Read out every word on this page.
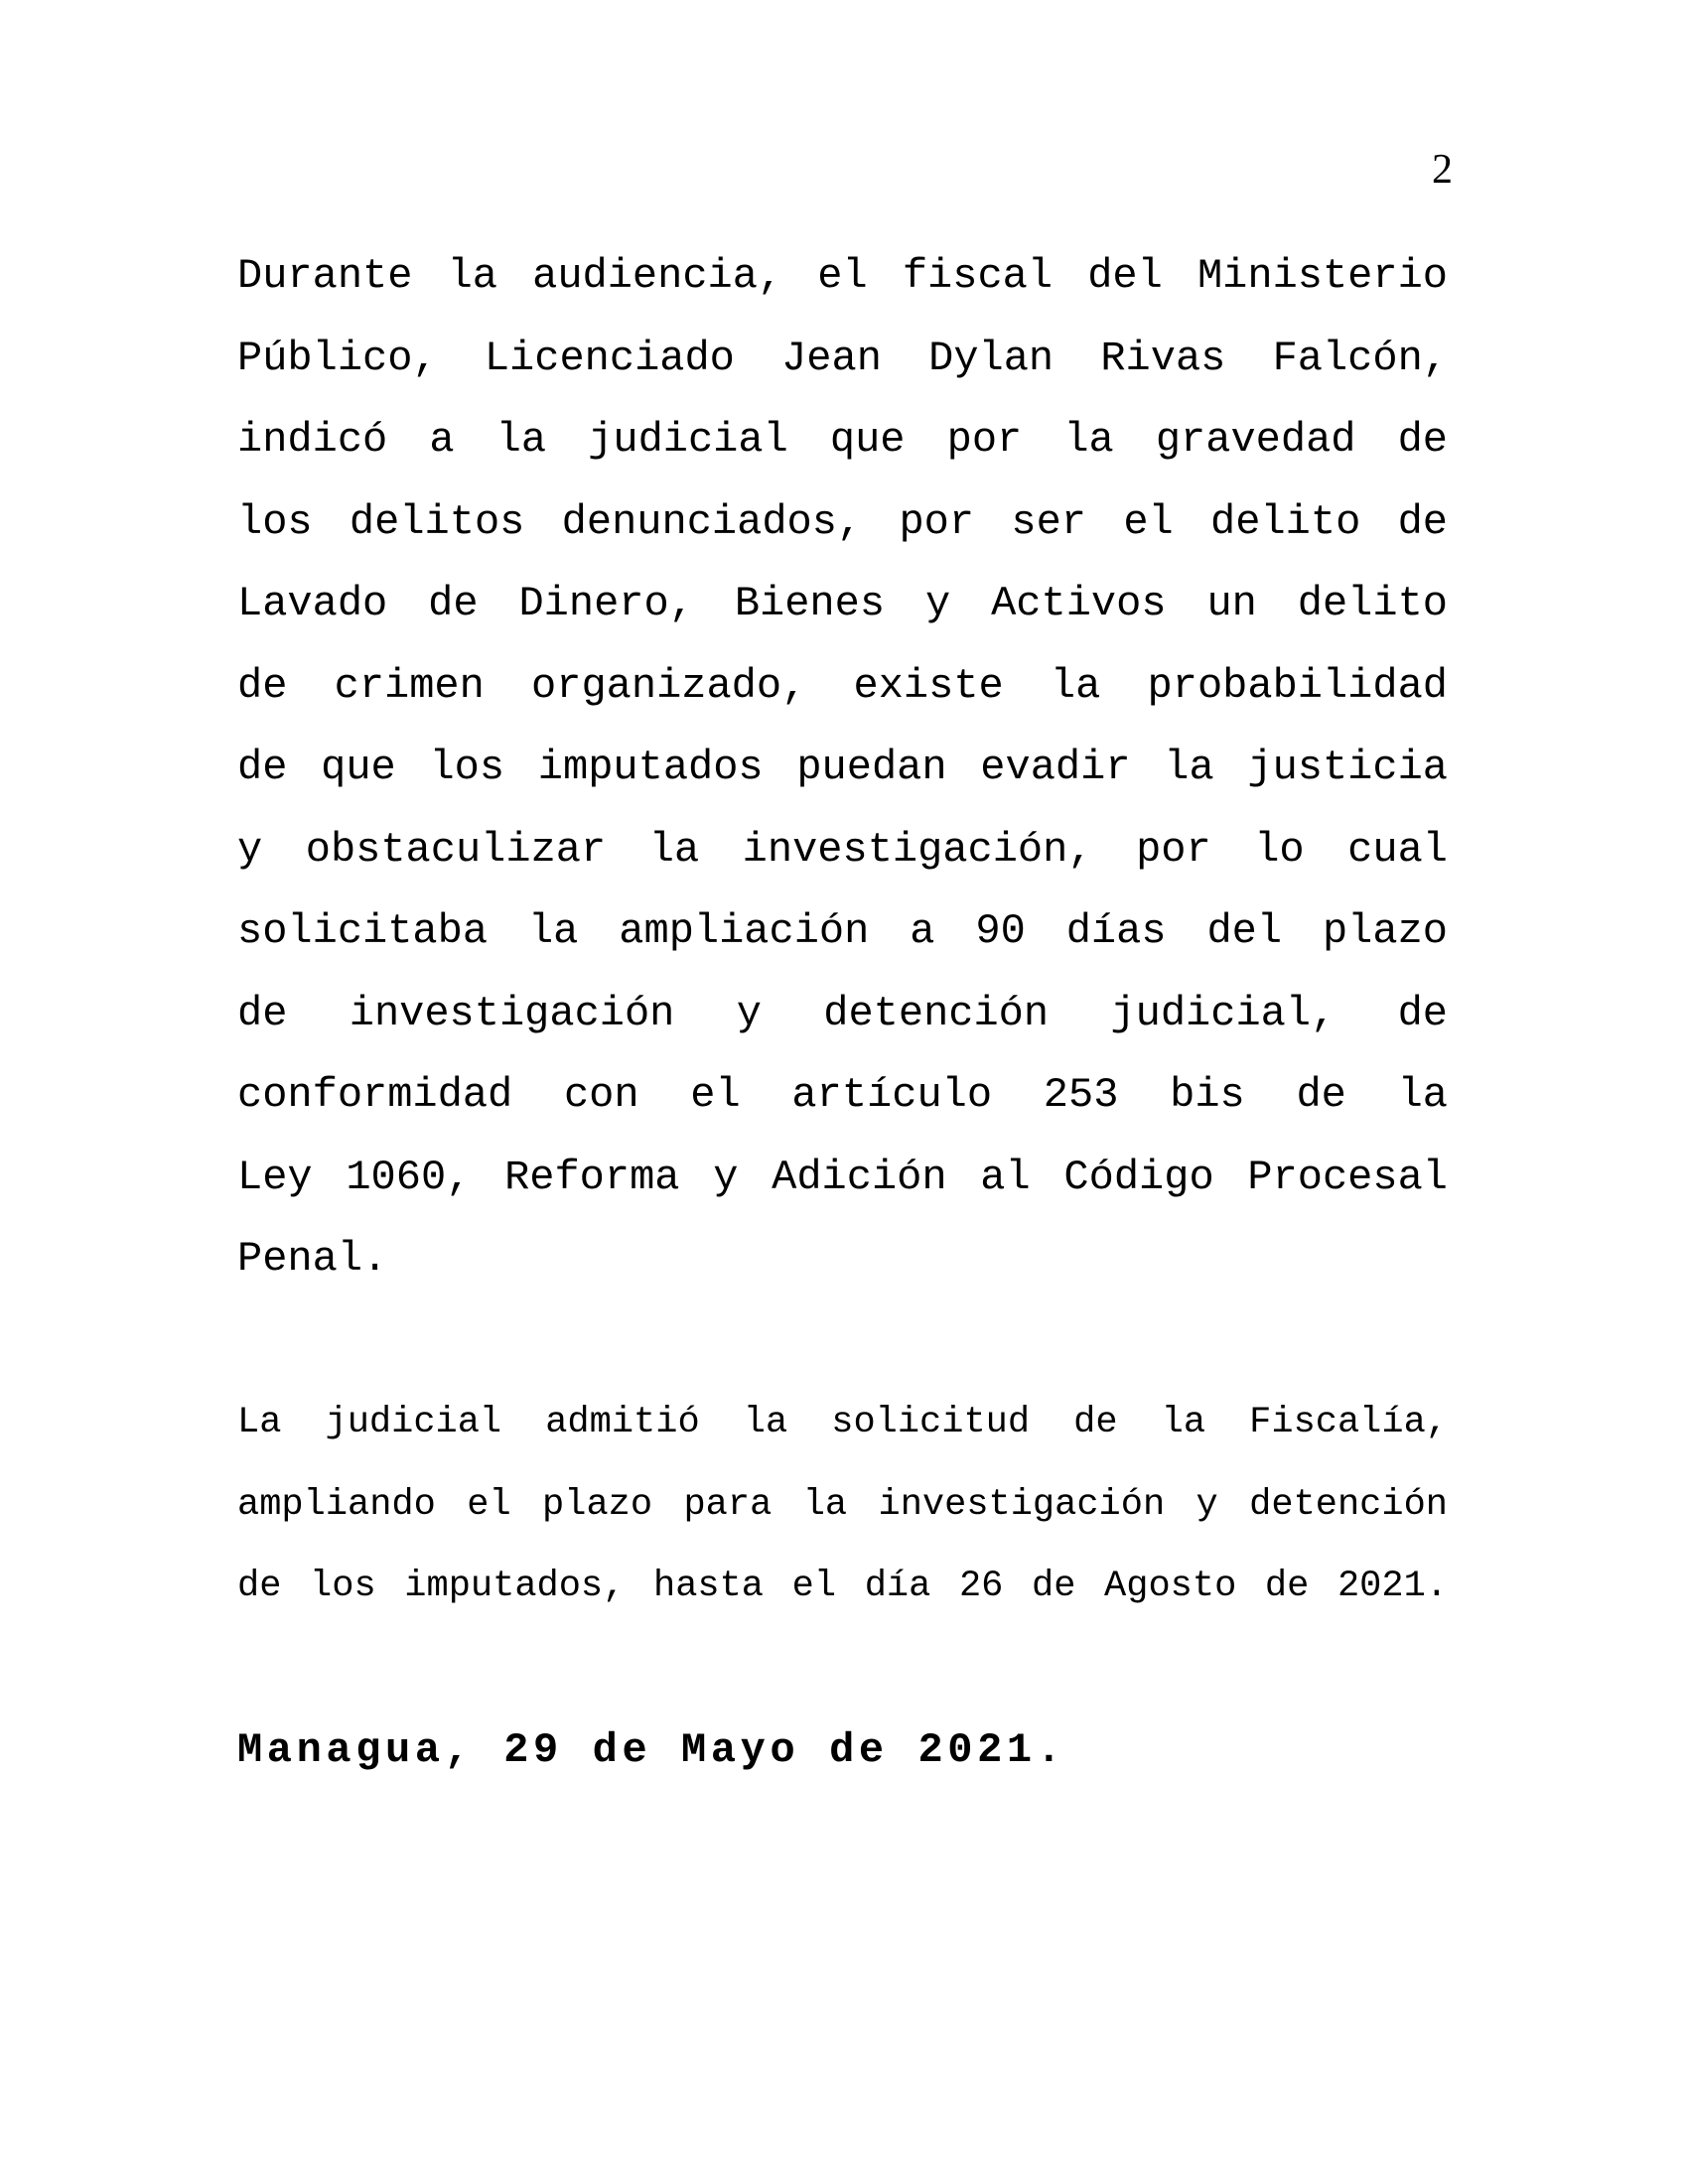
2
Durante la audiencia, el fiscal del Ministerio
Público, Licenciado Jean Dylan Rivas Falcón,
indicó a la judicial que por la gravedad de
los delitos denunciados, por ser el delito de
Lavado de Dinero, Bienes y Activos un delito
de crimen organizado, existe la probabilidad
de que los imputados puedan evadir la justicia
y obstaculizar la investigación, por lo cual
solicitaba la ampliación a 90 días del plazo
de investigación y detención judicial, de
conformidad con el artículo 253 bis de la
Ley 1060, Reforma y Adición al Código Procesal
Penal.
La judicial admitió la solicitud de la Fiscalía,
ampliando el plazo para la investigación y detención
de los imputados, hasta el día 26 de Agosto de 2021.
Managua, 29 de Mayo de 2021.
